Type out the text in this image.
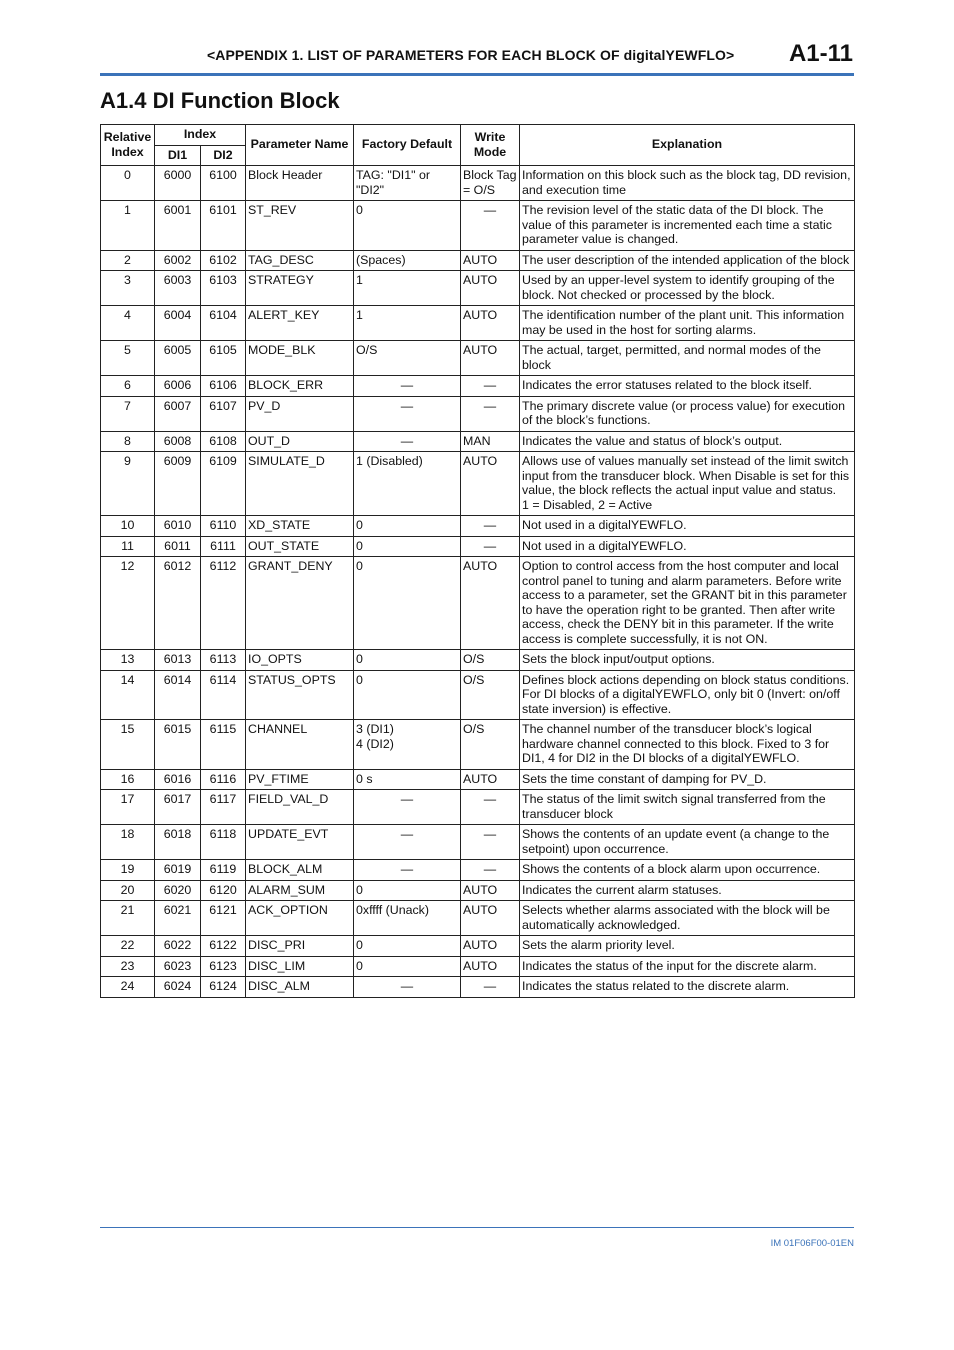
<APPENDIX 1. LIST OF PARAMETERS FOR EACH BLOCK OF digitalYEWFLO> A1-11
A1.4 DI Function Block
Relative Index	Index		Parameter Name	Factory Default	Write Mode	Explanation
	DI1	DI2				
0	6000	6100	Block Header	TAG: "DI1" or "DI2"	Block Tag = O/S	Information on this block such as the block tag, DD revision, and execution time
1	6001	6101	ST_REV	0	—	The revision level of the static data of the DI block. The value of this parameter is incremented each time a static parameter value is changed.
2	6002	6102	TAG_DESC	(Spaces)	AUTO	The user description of the intended application of the block
3	6003	6103	STRATEGY	1	AUTO	Used by an upper-level system to identify grouping of the block. Not checked or processed by the block.
4	6004	6104	ALERT_KEY	1	AUTO	The identification number of the plant unit. This information may be used in the host for sorting alarms.
5	6005	6105	MODE_BLK	O/S	AUTO	The actual, target, permitted, and normal modes of the block
6	6006	6106	BLOCK_ERR	—	—	Indicates the error statuses related to the block itself.
7	6007	6107	PV_D	—	—	The primary discrete value (or process value) for execution of the block’s functions.
8	6008	6108	OUT_D	—	MAN	Indicates the value and status of block’s output.
9	6009	6109	SIMULATE_D	1 (Disabled)	AUTO	Allows use of values manually set instead of the limit switch input from the transducer block. When Disable is set for this value, the block reflects the actual input value and status.
1 = Disabled, 2 = Active
10	6010	6110	XD_STATE	0	—	Not used in a digitalYEWFLO.
11	6011	6111	OUT_STATE	0	—	Not used in a digitalYEWFLO.
12	6012	6112	GRANT_DENY	0	AUTO	Option to control access from the host computer and local control panel to tuning and alarm parameters. Before write access to a parameter, set the GRANT bit in this parameter to have the operation right to be granted. Then after write access, check the DENY bit in this parameter. If the write access is complete successfully, it is not ON.
13	6013	6113	IO_OPTS	0	O/S	Sets the block input/output options.
14	6014	6114	STATUS_OPTS	0	O/S	Defines block actions depending on block status conditions. For DI blocks of a digitalYEWFLO, only bit 0 (Invert: on/off state inversion) is effective.
15	6015	6115	CHANNEL	3 (DI1)
4 (DI2)	O/S	The channel number of the transducer block’s logical hardware channel connected to this block. Fixed to 3 for DI1, 4 for DI2 in the DI blocks of a digitalYEWFLO.
16	6016	6116	PV_FTIME	0 s	AUTO	Sets the time constant of damping for PV_D.
17	6017	6117	FIELD_VAL_D	—	—	The status of the limit switch signal transferred from the transducer block
18	6018	6118	UPDATE_EVT	—	—	Shows the contents of an update event (a change to the setpoint) upon occurrence.
19	6019	6119	BLOCK_ALM	—	—	Shows the contents of a block alarm upon occurrence.
20	6020	6120	ALARM_SUM	0	AUTO	Indicates the current alarm statuses.
21	6021	6121	ACK_OPTION	0xffff (Unack)	AUTO	Selects whether alarms associated with the block will be automatically acknowledged.
22	6022	6122	DISC_PRI	0	AUTO	Sets the alarm priority level.
23	6023	6123	DISC_LIM	0	AUTO	Indicates the status of the input for the discrete alarm.
24	6024	6124	DISC_ALM	—	—	Indicates the status related to the discrete alarm.
IM 01F06F00-01EN
